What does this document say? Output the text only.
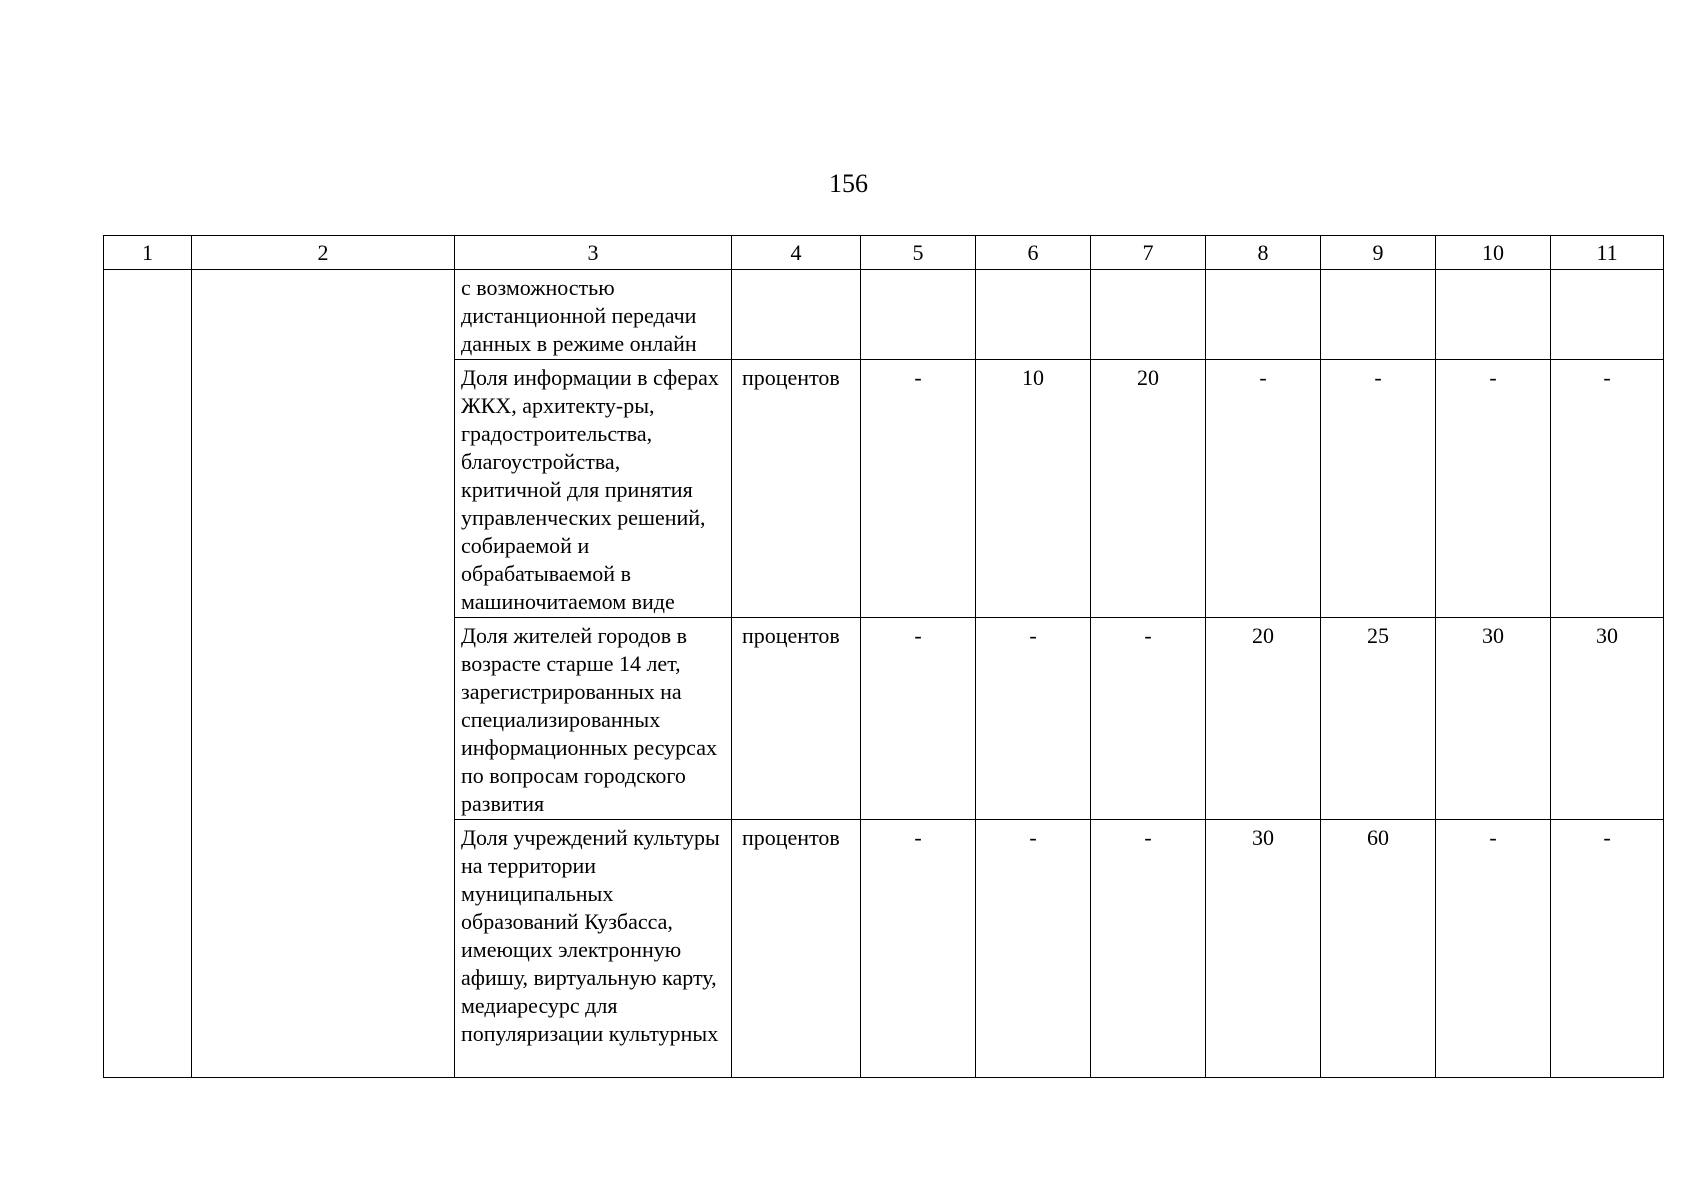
156
1	2	3	4	5	6	7	8	9	10	11
		с возможностью дистанционной передачи данных в режиме онлайн								
		Доля информации в сферах ЖКХ, архитекту-ры, градостроительства, благоустройства, критичной для принятия управленческих решений, собираемой и обрабатываемой в машиночитаемом виде	процентов	-	10	20	-	-	-	-
		Доля жителей городов в возрасте старше 14 лет, зарегистрированных на специализированных информационных ресурсах по вопросам городского развития	процентов	-	-	-	20	25	30	30
		Доля учреждений культуры на территории муниципальных образований Кузбасса, имеющих электронную афишу, виртуальную карту, медиаресурс для популяризации культурных	процентов	-	-	-	30	60	-	-
